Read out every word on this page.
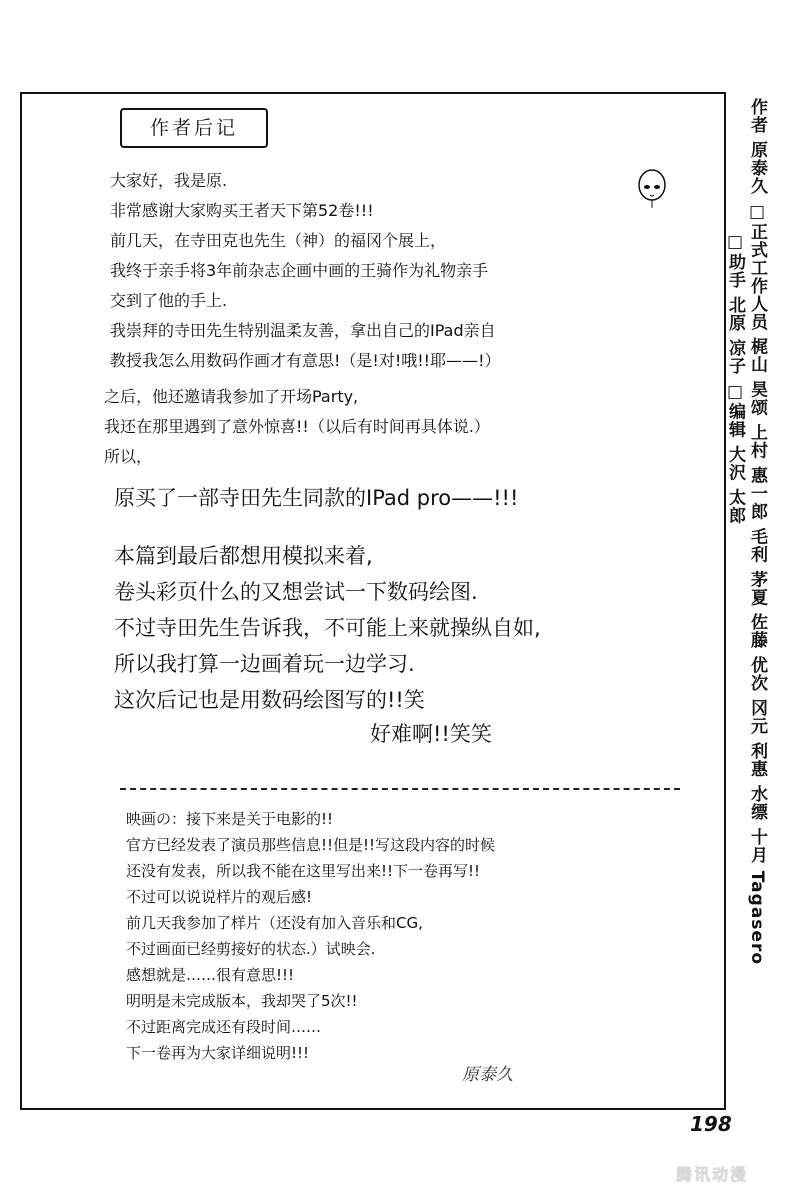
作者后记
大家好，我是原.
非常感谢大家购买王者天下第52卷!!!
前几天，在寺田克也先生（神）的福冈个展上，
我终于亲手将3年前杂志企画中画的王骑作为礼物亲手
交到了他的手上.
我崇拜的寺田先生特别温柔友善，拿出自己的IPad亲自
教授我怎么用数码作画才有意思!（是!对!哦!!耶——!）
之后，他还邀请我参加了开场Party,
我还在那里遇到了意外惊喜!!（以后有时间再具体说.）
所以，
原买了一部寺田先生同款的IPad pro——!!!
本篇到最后都想用模拟来着,
卷头彩页什么的又想尝试一下数码绘图.
不过寺田先生告诉我，不可能上来就操纵自如,
所以我打算一边画着玩一边学习.
这次后记也是用数码绘图写的!!笑
好难啊!!笑笑
映画の：接下来是关于电影的!!
官方已经发表了演员那些信息!!但是!!写这段内容的时候
还没有发表，所以我不能在这里写出来!!下一卷再写!!
不过可以说说样片的观后感!
前几天我参加了样片（还没有加入音乐和CG,
不过画面已经剪接好的状态.）试映会.
感想就是……很有意思!!!
明明是未完成版本，我却哭了5次!!
不过距离完成还有段时间……
下一卷再为大家详细说明!!!
原泰久
作者 原泰久 □正式工作人员 梶山 昊颂 上村 惠一郎 毛利 茅夏 佐藤 优次 冈元 利惠 水缥 十月 Tagasero
□助手 北原 凉子 □编辑 大沢 太郎
198
腾讯动漫
